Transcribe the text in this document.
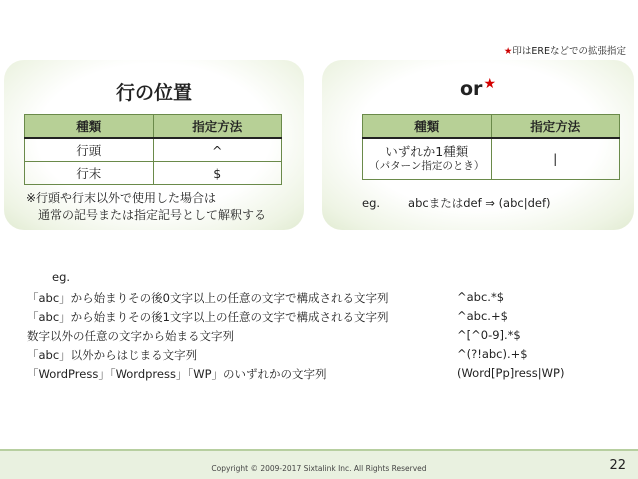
★印はEREなどでの拡張指定
行の位置
種類	指定方法
行頭	^
行末	$
※行頭や行末以外で使用した場合は
　通常の記号または指定記号として解釈する
or★
種類	指定方法

いずれか1種類
（パターン指定のとき）	|
eg. abcまたはdef ⇒ (abc|def)
eg.
「abc」から始まりその後0文字以上の任意の文字で構成される文字列	^abc.*$
「abc」から始まりその後1文字以上の任意の文字で構成される文字列	^abc.+$
数字以外の任意の文字から始まる文字列	^[^0-9].*$
「abc」以外からはじまる文字列	^(?!abc).+$
「WordPress」「Wordpress」「WP」のいずれかの文字列	(Word[Pp]ress|WP)
Copyright © 2009-2017 Sixtalink Inc. All Rights Reserved	22
